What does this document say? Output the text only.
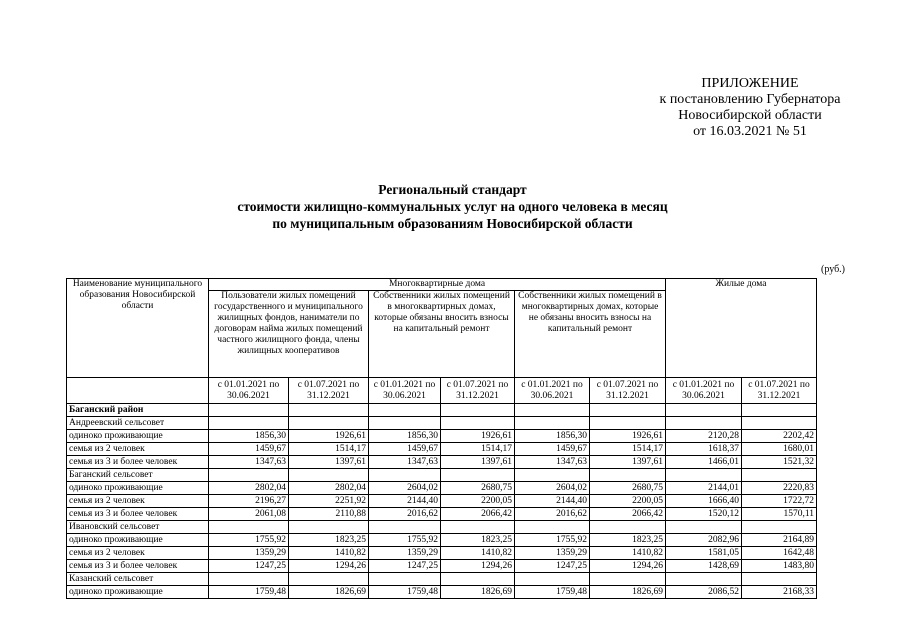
ПРИЛОЖЕНИЕ
к постановлению Губернатора
Новосибирской области
от 16.03.2021 № 51
Региональный стандарт
стоимости жилищно-коммунальных услуг на одного человека в месяц
по муниципальным образованиям Новосибирской области
(руб.)
Наименование муниципального образования Новосибирской области	Многоквартирные дома						Жилые дома	
	Пользователи жилых помещений государственного и муниципального жилищных фондов, наниматели по договорам найма жилых помещений частного жилищного фонда, члены жилищных кооперативов		Собственники жилых помещений в многоквартирных домах, которые обязаны вносить взносы на капитальный ремонт		Собственники жилых помещений в многоквартирных домах, которые не обязаны вносить взносы на капитальный ремонт			
	с 01.01.2021 по 30.06.2021	с 01.07.2021 по 31.12.2021	с 01.01.2021 по 30.06.2021	с 01.07.2021 по 31.12.2021	с 01.01.2021 по 30.06.2021	с 01.07.2021 по 31.12.2021	с 01.01.2021 по 30.06.2021	с 01.07.2021 по 31.12.2021
Баганский район								
Андреевский сельсовет								
одиноко проживающие	1856,30	1926,61	1856,30	1926,61	1856,30	1926,61	2120,28	2202,42
семья из 2 человек	1459,67	1514,17	1459,67	1514,17	1459,67	1514,17	1618,37	1680,01
семья из 3 и более человек	1347,63	1397,61	1347,63	1397,61	1347,63	1397,61	1466,01	1521,32
Баганский сельсовет								
одиноко проживающие	2802,04	2802,04	2604,02	2680,75	2604,02	2680,75	2144,01	2220,83
семья из 2 человек	2196,27	2251,92	2144,40	2200,05	2144,40	2200,05	1666,40	1722,72
семья из 3 и более человек	2061,08	2110,88	2016,62	2066,42	2016,62	2066,42	1520,12	1570,11
Ивановский сельсовет								
одиноко проживающие	1755,92	1823,25	1755,92	1823,25	1755,92	1823,25	2082,96	2164,89
семья из 2 человек	1359,29	1410,82	1359,29	1410,82	1359,29	1410,82	1581,05	1642,48
семья из 3 и более человек	1247,25	1294,26	1247,25	1294,26	1247,25	1294,26	1428,69	1483,80
Казанский сельсовет								
одиноко проживающие	1759,48	1826,69	1759,48	1826,69	1759,48	1826,69	2086,52	2168,33
